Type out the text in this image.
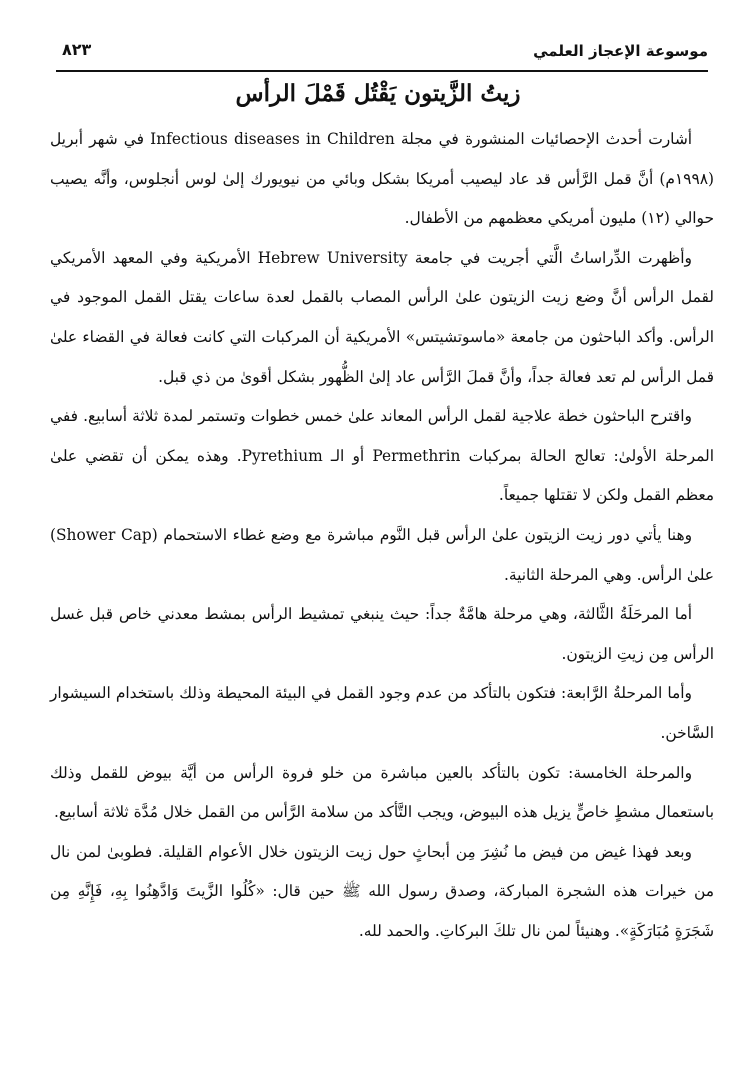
موسوعة الإعجاز العلمي
٨٢٣
زيتُ الزَّيتون يَقْتُل قَمْلَ الرأس

أشارت أحدث الإحصائيات المنشورة في مجلة Infectious diseases in Children في شهر أبريل (١٩٩٨م) أنَّ قمل الرَّأس قد عاد ليصيب أمريكا بشكل وبائي من نيويورك إلىٰ لوس أنجلوس، وأنَّه يصيب حوالي (١٢) مليون أمريكي معظمهم من الأطفال.

وأظهرت الدِّراساتُ الَّتي أجريت في جامعة Hebrew University الأمريكية وفي المعهد الأمريكي لقمل الرأس أنَّ وضع زيت الزيتون علىٰ الرأس المصاب بالقمل لعدة ساعات يقتل القمل الموجود في الرأس. وأكد الباحثون من جامعة «ماسوتشيتس» الأمريكية أن المركبات التي كانت فعالة في القضاء علىٰ قمل الرأس لم تعد فعالة جداً، وأنَّ قملَ الرَّأس عاد إلىٰ الظُّهور بشكل أقوىٰ من ذي قبل.

واقترح الباحثون خطة علاجية لقمل الرأس المعاند علىٰ خمس خطوات وتستمر لمدة ثلاثة أسابيع. ففي المرحلة الأولىٰ: تعالج الحالة بمركبات Permethrin أو الـ Pyrethium. وهذه يمكن أن تقضي علىٰ معظم القمل ولكن لا تقتلها جميعاً.

وهنا يأتي دور زيت الزيتون علىٰ الرأس قبل النَّوم مباشرة مع وضع غطاء الاستحمام (Shower Cap) علىٰ الرأس. وهي المرحلة الثانية.

أما المرحَلَةُ الثَّالثة، وهي مرحلة هامَّةٌ جداً: حيث ينبغي تمشيط الرأس بمشط معدني خاص قبل غسل الرأس مِن زيتِ الزيتون.

وأما المرحلةُ الرَّابعة: فتكون بالتأكد من عدم وجود القمل في البيئة المحيطة وذلك باستخدام السيشوار السَّاخن.

والمرحلة الخامسة: تكون بالتأكد بالعين مباشرة من خلو فروة الرأس من أيَّة بيوض للقمل وذلك باستعمال مشطٍ خاصٍّ يزيل هذه البيوض، ويجب التَّأكد من سلامة الرَّأس من القمل خلال مُدَّة ثلاثة أسابيع.

وبعد فهذا غيض من فيض ما نُشِرَ مِن أبحاثٍ حول زيت الزيتون خلال الأعوام القليلة. فطوبىٰ لمن نال من خيرات هذه الشجرة المباركة، وصدق رسول الله ﷺ حين قال: «كُلُوا الزَّيتَ وَادَّهِنُوا بِهِ، فَإِنَّهِ مِن شَجَرَةٍ مُبَارَكَةٍ». وهنيئاً لمن نال تلكَ البركاتِ. والحمد لله.
